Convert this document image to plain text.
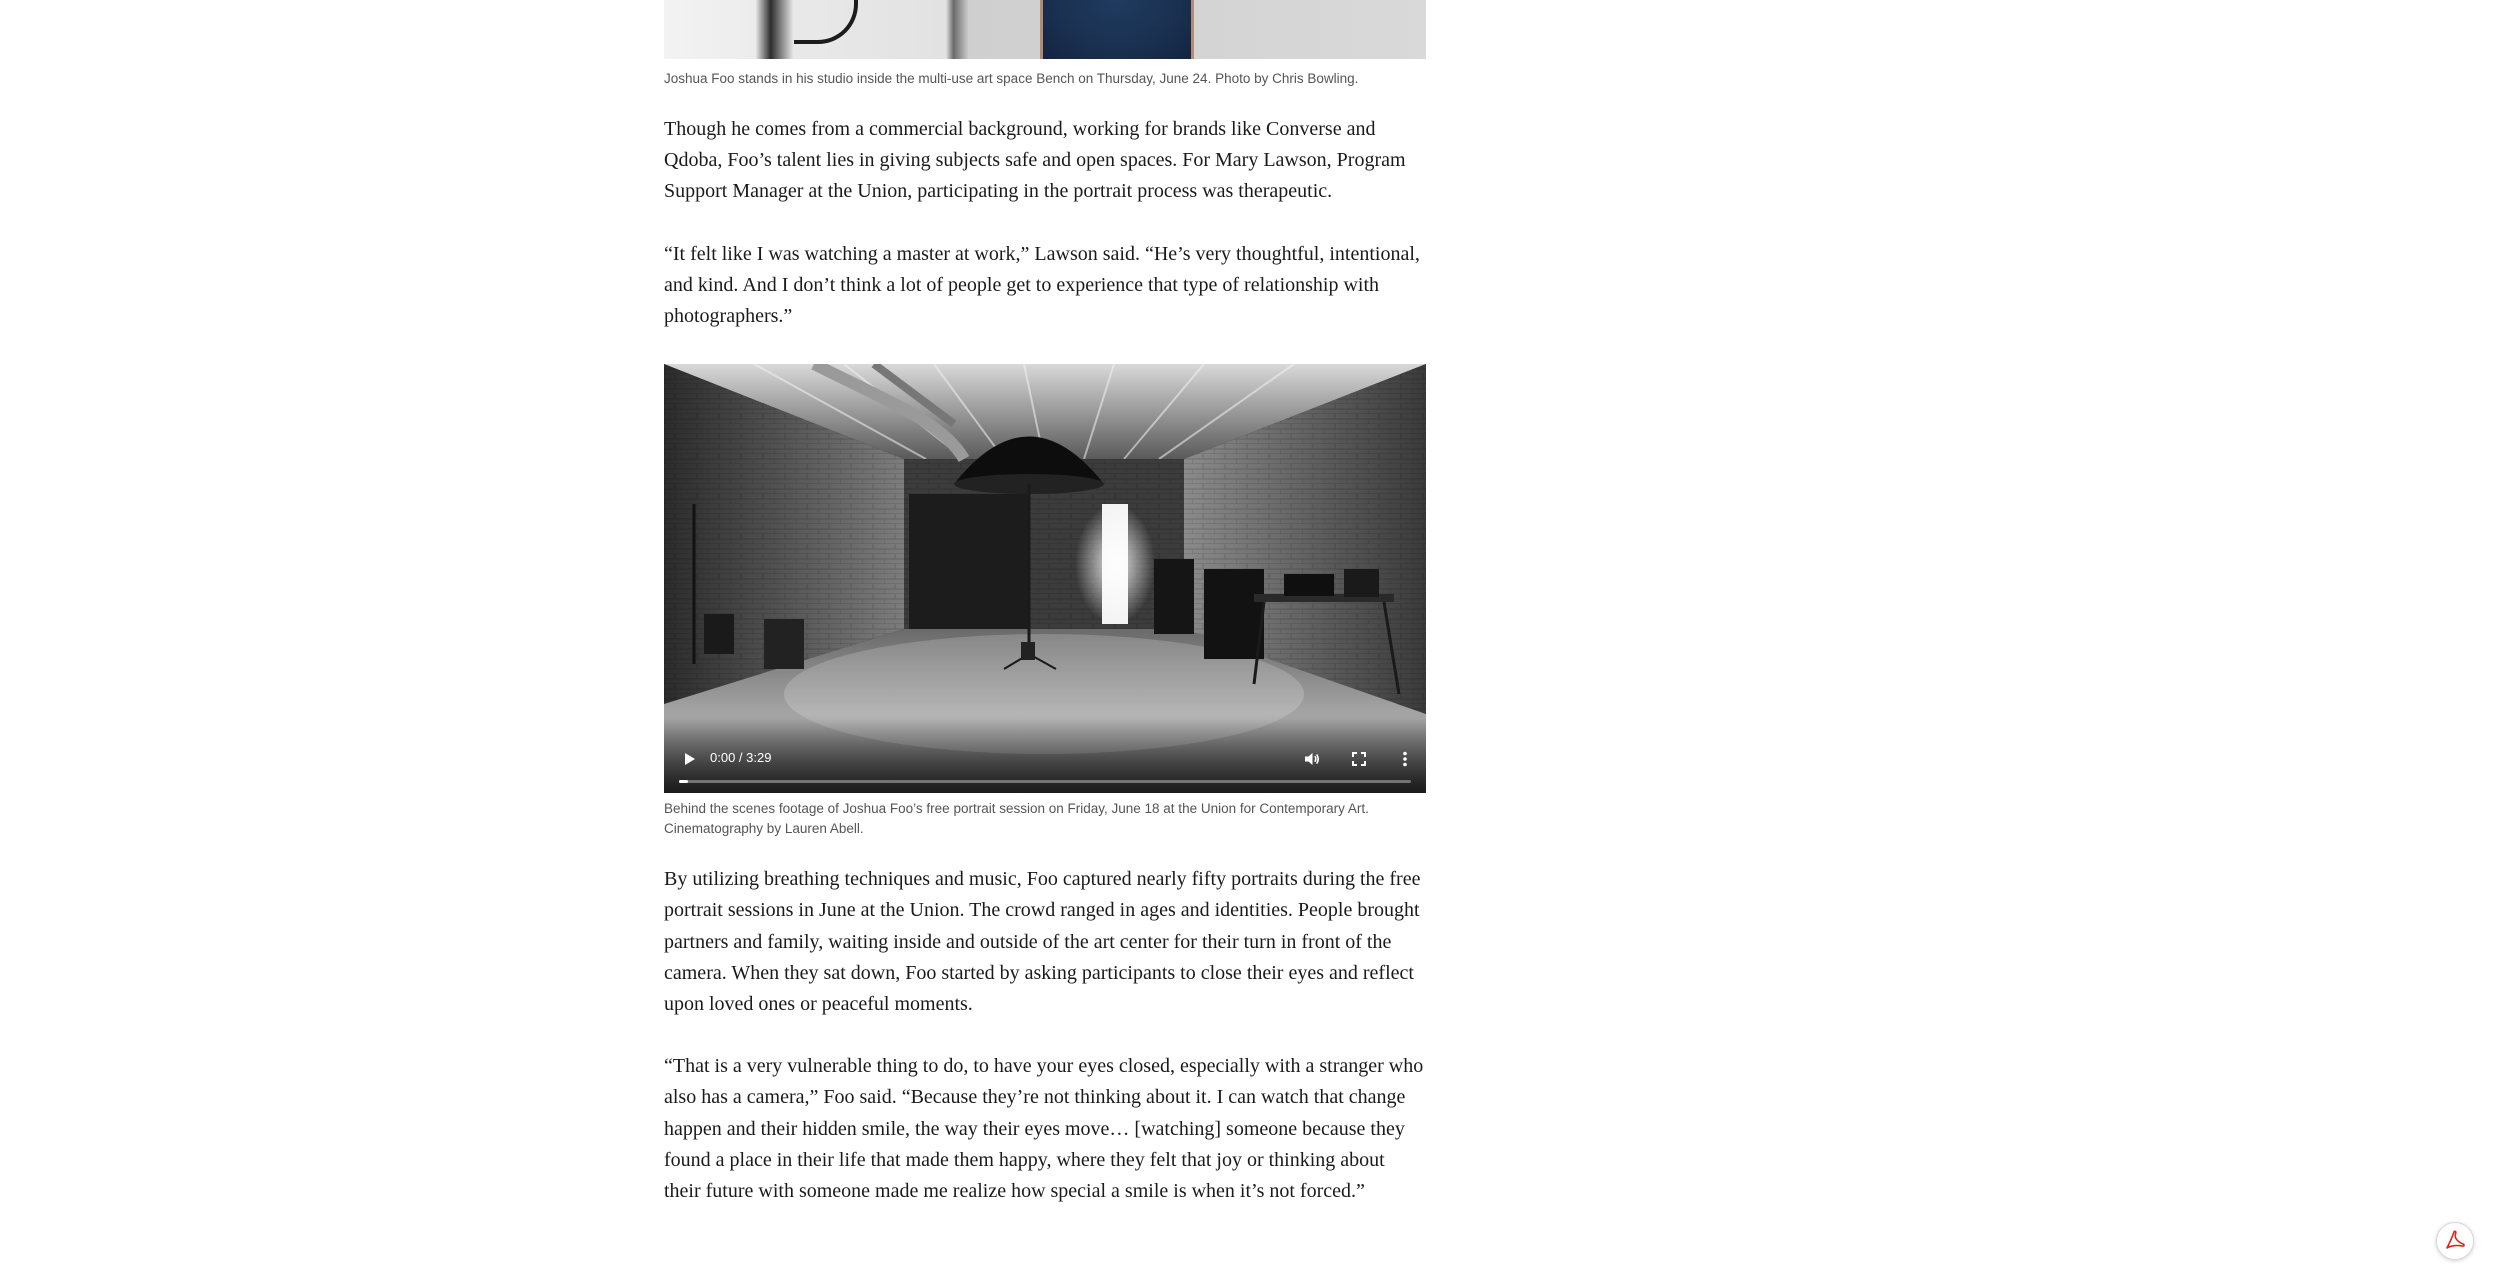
Joshua Foo stands in his studio inside the multi-use art space Bench on Thursday, June 24. Photo by Chris Bowling.

Though he comes from a commercial background, working for brands like Converse and Qdoba, Foo’s talent lies in giving subjects safe and open spaces. For Mary Lawson, Program Support Manager at the Union, participating in the portrait process was therapeutic.

“It felt like I was watching a master at work,” Lawson said. “He’s very thoughtful, intentional, and kind. And I don’t think a lot of people get to experience that type of relationship with photographers.”

0:00 / 3:29

Behind the scenes footage of Joshua Foo’s free portrait session on Friday, June 18 at the Union for Contemporary Art. Cinematography by Lauren Abell.

By utilizing breathing techniques and music, Foo captured nearly fifty portraits during the free portrait sessions in June at the Union. The crowd ranged in ages and identities. People brought partners and family, waiting inside and outside of the art center for their turn in front of the camera. When they sat down, Foo started by asking participants to close their eyes and reflect upon loved ones or peaceful moments.

“That is a very vulnerable thing to do, to have your eyes closed, especially with a stranger who also has a camera,” Foo said. “Because they’re not thinking about it. I can watch that change happen and their hidden smile, the way their eyes move… [watching] someone because they found a place in their life that made them happy, where they felt that joy or thinking about their future with someone made me realize how special a smile is when it’s not forced.”
